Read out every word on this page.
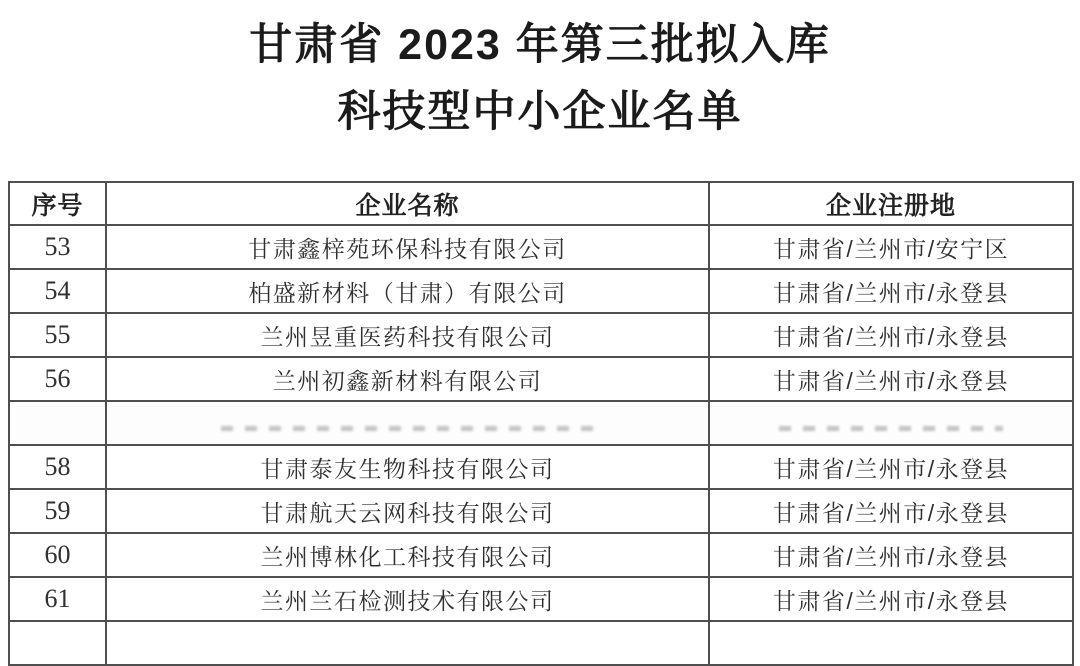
甘肃省 2023 年第三批拟入库
科技型中小企业名单
序号	企业名称	企业注册地
53	甘肃鑫梓苑环保科技有限公司	甘肃省/兰州市/安宁区
54	柏盛新材料（甘肃）有限公司	甘肃省/兰州市/永登县
55	兰州昱重医药科技有限公司	甘肃省/兰州市/永登县
56	兰州初鑫新材料有限公司	甘肃省/兰州市/永登县

58	甘肃泰友生物科技有限公司	甘肃省/兰州市/永登县
59	甘肃航天云网科技有限公司	甘肃省/兰州市/永登县
60	兰州博林化工科技有限公司	甘肃省/兰州市/永登县
61	兰州兰石检测技术有限公司	甘肃省/兰州市/永登县
